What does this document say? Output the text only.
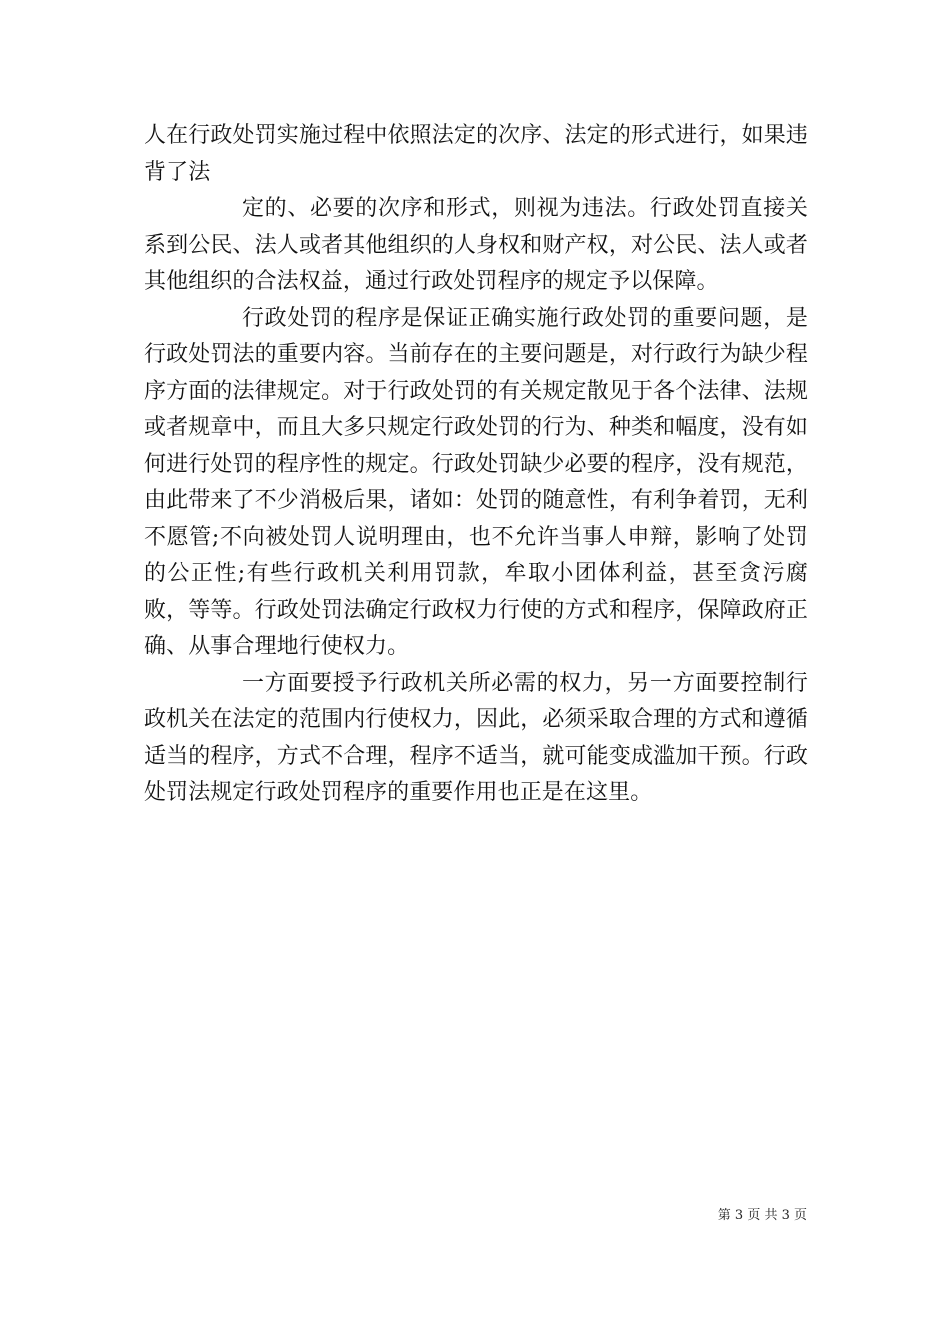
人在行政处罚实施过程中依照法定的次序、法定的形式进行，如果违背了法

定的、必要的次序和形式，则视为违法。行政处罚直接关系到公民、法人或者其他组织的人身权和财产权，对公民、法人或者其他组织的合法权益，通过行政处罚程序的规定予以保障。

行政处罚的程序是保证正确实施行政处罚的重要问题，是行政处罚法的重要内容。当前存在的主要问题是，对行政行为缺少程序方面的法律规定。对于行政处罚的有关规定散见于各个法律、法规或者规章中，而且大多只规定行政处罚的行为、种类和幅度，没有如何进行处罚的程序性的规定。行政处罚缺少必要的程序，没有规范，由此带来了不少消极后果，诸如：处罚的随意性，有利争着罚，无利不愿管;不向被处罚人说明理由，也不允许当事人申辩，影响了处罚的公正性;有些行政机关利用罚款，牟取小团体利益，甚至贪污腐败，等等。行政处罚法确定行政权力行使的方式和程序，保障政府正确、从事合理地行使权力。

一方面要授予行政机关所必需的权力，另一方面要控制行政机关在法定的范围内行使权力，因此，必须采取合理的方式和遵循适当的程序，方式不合理，程序不适当，就可能变成滥加干预。行政处罚法规定行政处罚程序的重要作用也正是在这里。

第 3 页 共 3 页
